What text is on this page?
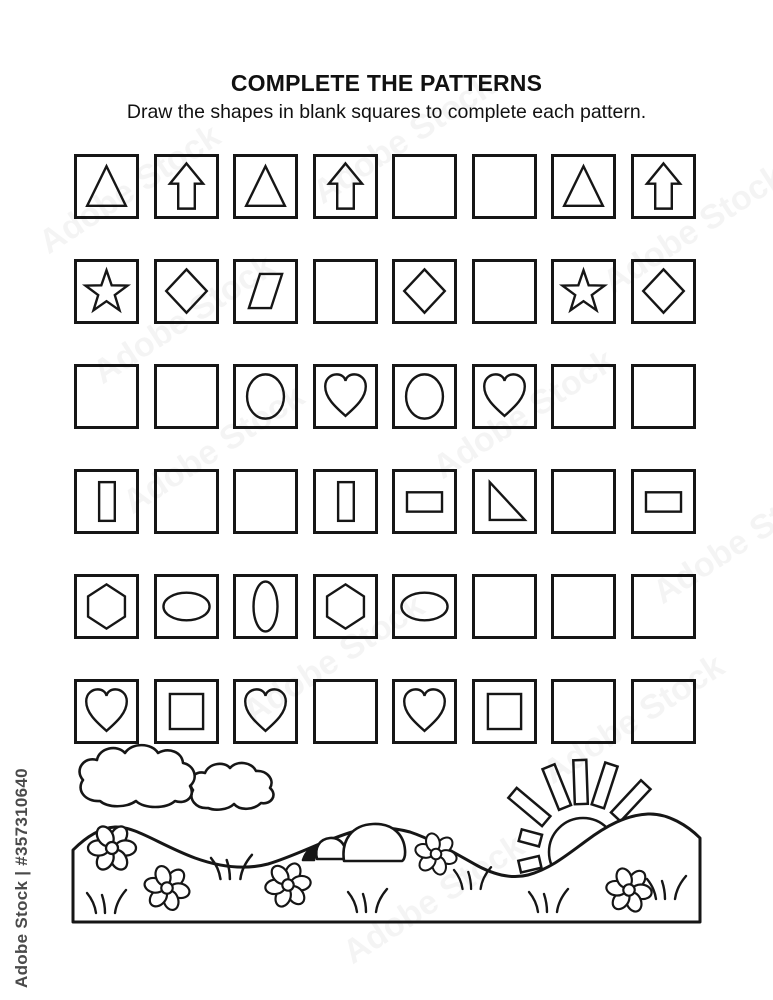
COMPLETE THE PATTERNS

Draw the shapes in blank squares to complete each pattern.

Adobe Stock | #357310640
